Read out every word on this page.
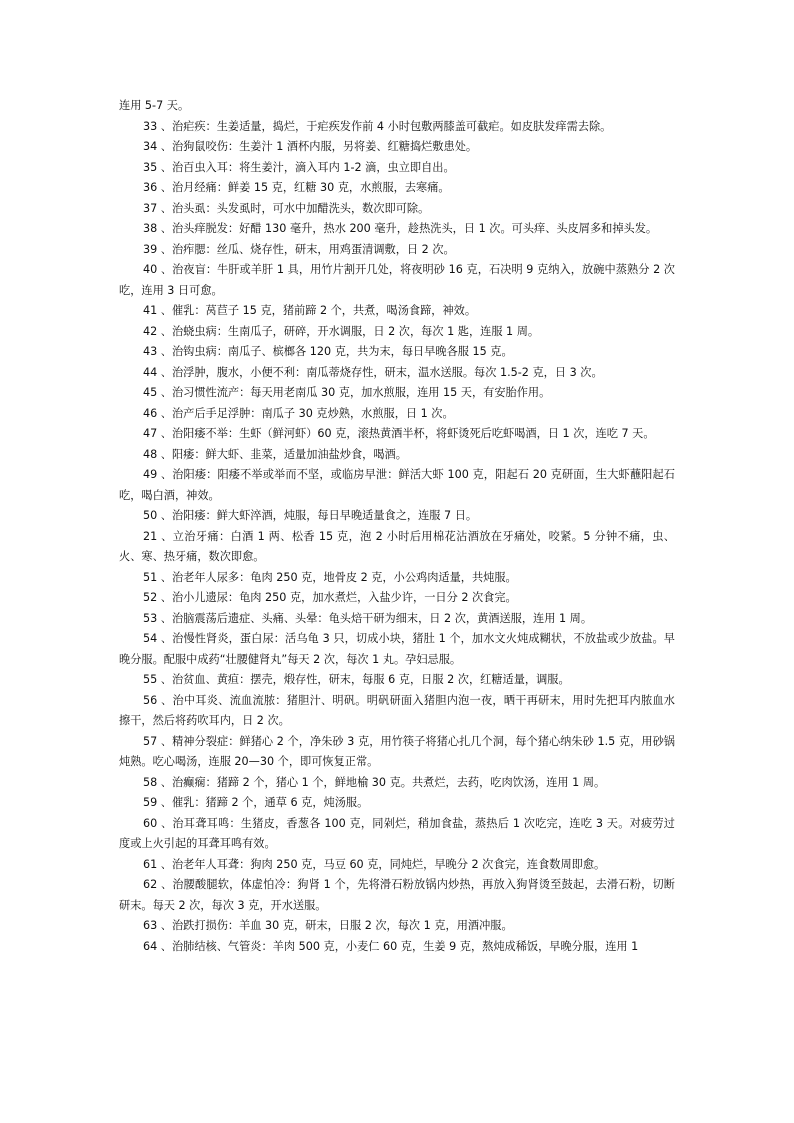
连用 5-7 天。

33 、治疟疾：生姜适量，捣烂，于疟疾发作前 4 小时包敷两膝盖可截疟。如皮肤发痒需去除。

34 、治狗鼠咬伤：生姜汁 1 酒杯内服，另将姜、红糖捣烂敷患处。

35 、治百虫入耳：将生姜汁，滴入耳内 1-2 滴，虫立即自出。

36 、治月经痛：鲜姜 15 克，红糖 30 克，水煎服，去寒痛。

37 、治头虱：头发虱时，可水中加醋洗头，数次即可除。

38 、治头痒脱发：好醋 130 毫升，热水 200 毫升，趁热洗头，日 1 次。可头痒、头皮屑多和掉头发。

39 、治痄腮：丝瓜、烧存性，研末，用鸡蛋清调敷，日 2 次。

40 、治夜盲：牛肝或羊肝 1 具，用竹片割开几处，将夜明砂 16 克，石决明 9 克纳入，放碗中蒸熟分 2 次吃，连用 3 日可愈。

41 、催乳：莴苣子 15 克，猪前蹄 2 个，共煮，喝汤食蹄，神效。

42 、治蛲虫病：生南瓜子，研碎，开水调服，日 2 次，每次 1 匙，连服 1 周。

43 、治钩虫病：南瓜子、槟榔各 120 克，共为末，每日早晚各服 15 克。

44 、治浮肿，腹水，小便不利：南瓜蒂烧存性，研末，温水送服。每次 1.5-2 克，日 3 次。

45 、治习惯性流产：每天用老南瓜 30 克，加水煎服，连用 15 天，有安胎作用。

46 、治产后手足浮肿：南瓜子 30 克炒熟，水煎服，日 1 次。

47 、治阳痿不举：生虾（鲜河虾）60 克，滚热黄酒半杯，将虾烫死后吃虾喝酒，日 1 次，连吃 7 天。

48 、阳痿：鲜大虾、韭菜，适量加油盐炒食，喝酒。

49 、治阳痿：阳痿不举或举而不坚，或临房早泄：鲜活大虾 100 克，阳起石 20 克研面，生大虾蘸阳起石吃，喝白酒，神效。

50 、治阳痿：鲜大虾淬酒，炖服，每日早晚适量食之，连服 7 日。

21 、立治牙痛：白酒 1 两、松香 15 克，泡 2 小时后用棉花沾酒放在牙痛处，咬紧。5 分钟不痛，虫、火、寒、热牙痛，数次即愈。

51 、治老年人尿多：龟肉 250 克，地骨皮 2 克，小公鸡肉适量，共炖服。

52 、治小儿遗尿：龟肉 250 克，加水煮烂，入盐少许，一日分 2 次食完。

53 、治脑震荡后遗症、头痛、头晕：龟头焙干研为细末，日 2 次，黄酒送服，连用 1 周。

54 、治慢性肾炎，蛋白尿：活乌龟 3 只，切成小块，猪肚 1 个，加水文火炖成糊状，不放盐或少放盐。早晚分服。配服中成药“壮腰健肾丸”每天 2 次，每次 1 丸。孕妇忌服。

55 、治贫血、黄疸：摆壳，煅存性，研末，每服 6 克，日服 2 次，红糖适量，调服。

56 、治中耳炎、流血流脓：猪胆汁、明矾。明矾研面入猪胆内泡一夜，晒干再研末，用时先把耳内脓血水擦干，然后将药吹耳内，日 2 次。

57 、精神分裂症：鲜猪心 2 个，净朱砂 3 克，用竹筷子将猪心扎几个洞，每个猪心纳朱砂 1.5 克，用砂锅炖熟。吃心喝汤，连服 20—30 个，即可恢复正常。

58 、治癫痫：猪蹄 2 个，猪心 1 个，鲜地榆 30 克。共煮烂，去药，吃肉饮汤，连用 1 周。

59 、催乳：猪蹄 2 个，通草 6 克，炖汤服。

60 、治耳聋耳鸣：生猪皮，香葱各 100 克，同剁烂，稍加食盐，蒸热后 1 次吃完，连吃 3 天。对疲劳过度或上火引起的耳聋耳鸣有效。

61 、治老年人耳聋：狗肉 250 克，马豆 60 克，同炖烂，早晚分 2 次食完，连食数周即愈。

62 、治腰酸腿软，体虚怕冷：狗肾 1 个，先将滑石粉放锅内炒热，再放入狗肾烫至鼓起，去滑石粉，切断研末。每天 2 次，每次 3 克，开水送服。

63 、治跌打损伤：羊血 30 克，研末，日服 2 次，每次 1 克，用酒冲服。

64 、治肺结核、气管炎：羊肉 500 克，小麦仁 60 克，生姜 9 克，熬炖成稀饭，早晚分服，连用 1
